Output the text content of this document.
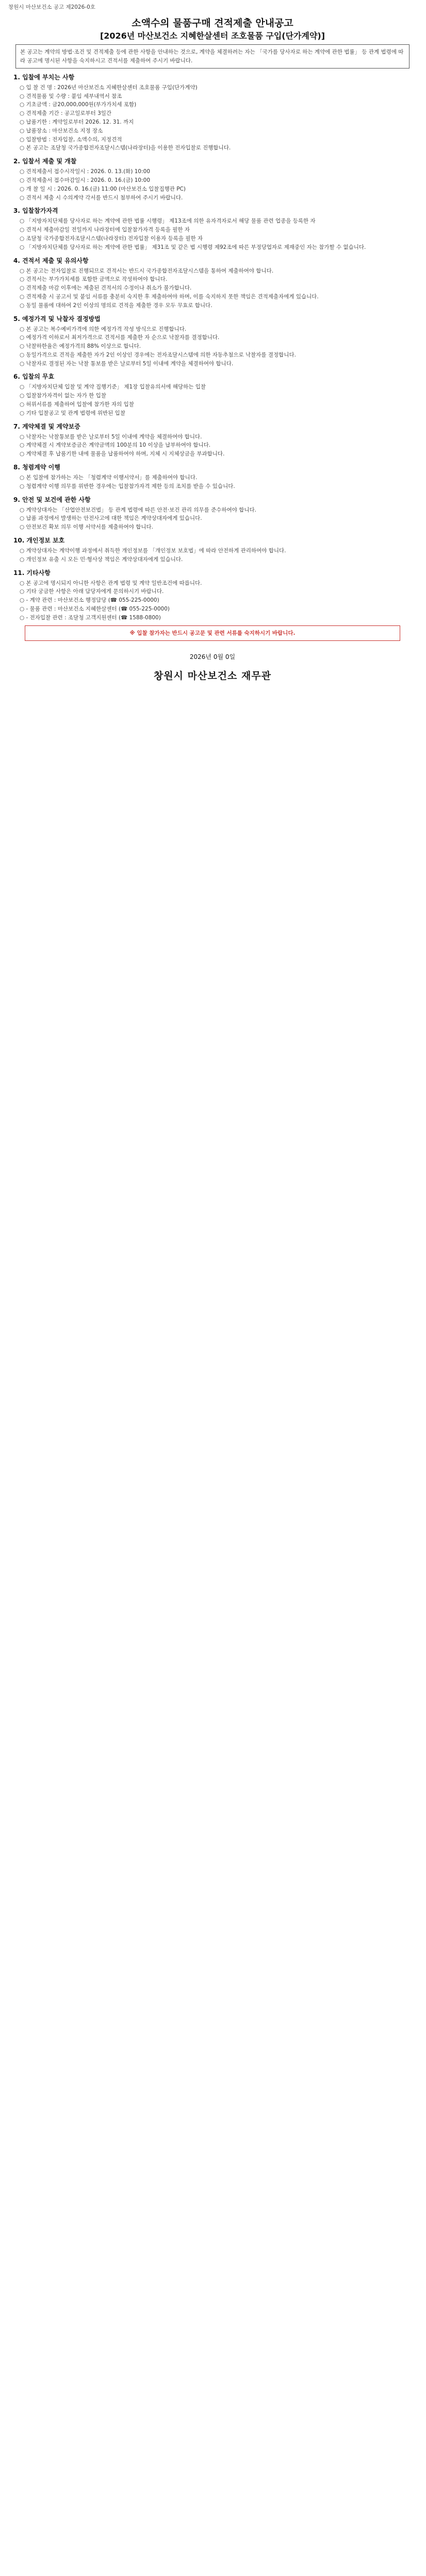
창원시 마산보건소 공고 제2026-0호
소액수의 물품구매 견적제출 안내공고
[2026년 마산보건소 지혜한살센터 조호물품 구입(단가계약)]
본 공고는 계약의 방법·조건 및 견적제출 등에 관한 사항을 안내하는 것으로, 계약을 체결하려는 자는 「국가를 당사자로 하는 계약에 관한 법률」 등 관계 법령에 따라 공고에 명시된 사항을 숙지하시고 견적서를 제출하여 주시기 바랍니다.
1. 입찰에 부치는 사항
○ 입 찰 건 명 : 2026년 마산보건소 지혜한살센터 조호물품 구입(단가계약)
○ 견적물품 및 수량 : 붙임 세부내역서 참조
○ 기초금액 : 금20,000,000원(부가가치세 포함)
○ 견적제출 기간 : 공고일로부터 3일간
○ 납품기한 : 계약일로부터 2026. 12. 31. 까지
○ 납품장소 : 마산보건소 지정 장소
○ 입찰방법 : 전자입찰, 소액수의, 지정견적
○ 본 공고는 조달청 국가종합전자조달시스템(나라장터)을 이용한 전자입찰로 진행합니다.
2. 입찰서 제출 및 개찰
○ 견적제출서 접수시작일시 : 2026. 0. 13.(화) 10:00
○ 견적제출서 접수마감일시 : 2026. 0. 16.(금) 10:00
○ 개 찰 일 시 : 2026. 0. 16.(금) 11:00 (마산보건소 입찰집행관 PC)
○ 견적서 제출 시 수의계약 각서를 반드시 첨부하여 주시기 바랍니다.
3. 입찰참가자격
○ 「지방자치단체를 당사자로 하는 계약에 관한 법률 시행령」 제13조에 의한 유자격자로서 해당 물품 관련 업종을 등록한 자
○ 견적서 제출마감일 전일까지 나라장터에 입찰참가자격 등록을 필한 자
○ 조달청 국가종합전자조달시스템(나라장터) 전자입찰 이용자 등록을 필한 자
○ 「지방자치단체를 당사자로 하는 계약에 관한 법률」 제31조 및 같은 법 시행령 제92조에 따른 부정당업자로 제재중인 자는 참가할 수 없습니다.
4. 견적서 제출 및 유의사항
○ 본 공고는 전자입찰로 진행되므로 견적서는 반드시 국가종합전자조달시스템을 통하여 제출하여야 합니다.
○ 견적서는 부가가치세를 포함한 금액으로 작성하여야 합니다.
○ 견적제출 마감 이후에는 제출된 견적서의 수정이나 취소가 불가합니다.
○ 견적제출 시 공고서 및 붙임 서류를 충분히 숙지한 후 제출하여야 하며, 이를 숙지하지 못한 책임은 견적제출자에게 있습니다.
○ 동일 물품에 대하여 2인 이상의 명의로 견적을 제출한 경우 모두 무효로 합니다.
5. 예정가격 및 낙찰자 결정방법
○ 본 공고는 복수예비가격에 의한 예정가격 작성 방식으로 진행합니다.
○ 예정가격 이하로서 최저가격으로 견적서를 제출한 자 순으로 낙찰자를 결정합니다.
○ 낙찰하한율은 예정가격의 88% 이상으로 합니다.
○ 동일가격으로 견적을 제출한 자가 2인 이상인 경우에는 전자조달시스템에 의한 자동추첨으로 낙찰자를 결정합니다.
○ 낙찰자로 결정된 자는 낙찰 통보를 받은 날로부터 5일 이내에 계약을 체결하여야 합니다.
6. 입찰의 무효
○ 「지방자치단체 입찰 및 계약 집행기준」 제1장 입찰유의서에 해당하는 입찰
○ 입찰참가자격이 없는 자가 한 입찰
○ 허위서류를 제출하여 입찰에 참가한 자의 입찰
○ 기타 입찰공고 및 관계 법령에 위반된 입찰
7. 계약체결 및 계약보증
○ 낙찰자는 낙찰통보를 받은 날로부터 5일 이내에 계약을 체결하여야 합니다.
○ 계약체결 시 계약보증금은 계약금액의 100분의 10 이상을 납부하여야 합니다.
○ 계약체결 후 납품기한 내에 물품을 납품하여야 하며, 지체 시 지체상금을 부과합니다.
8. 청렴계약 이행
○ 본 입찰에 참가하는 자는 「청렴계약 이행서약서」를 제출하여야 합니다.
○ 청렴계약 이행 의무를 위반한 경우에는 입찰참가자격 제한 등의 조치를 받을 수 있습니다.
9. 안전 및 보건에 관한 사항
○ 계약상대자는 「산업안전보건법」 등 관계 법령에 따른 안전·보건 관리 의무를 준수하여야 합니다.
○ 납품 과정에서 발생하는 안전사고에 대한 책임은 계약상대자에게 있습니다.
○ 안전보건 확보 의무 이행 서약서를 제출하여야 합니다.
10. 개인정보 보호
○ 계약상대자는 계약이행 과정에서 취득한 개인정보를 「개인정보 보호법」에 따라 안전하게 관리하여야 합니다.
○ 개인정보 유출 시 모든 민·형사상 책임은 계약상대자에게 있습니다.
11. 기타사항
○ 본 공고에 명시되지 아니한 사항은 관계 법령 및 계약 일반조건에 따릅니다.
○ 기타 궁금한 사항은 아래 담당자에게 문의하시기 바랍니다.
○ - 계약 관련 : 마산보건소 행정담당 (☎ 055-225-0000)
○ - 물품 관련 : 마산보건소 지혜한살센터 (☎ 055-225-0000)
○ - 전자입찰 관련 : 조달청 고객지원센터 (☎ 1588-0800)
※ 입찰 참가자는 반드시 공고문 및 관련 서류를 숙지하시기 바랍니다.
2026년 0월 0일
창원시 마산보건소 재무관
